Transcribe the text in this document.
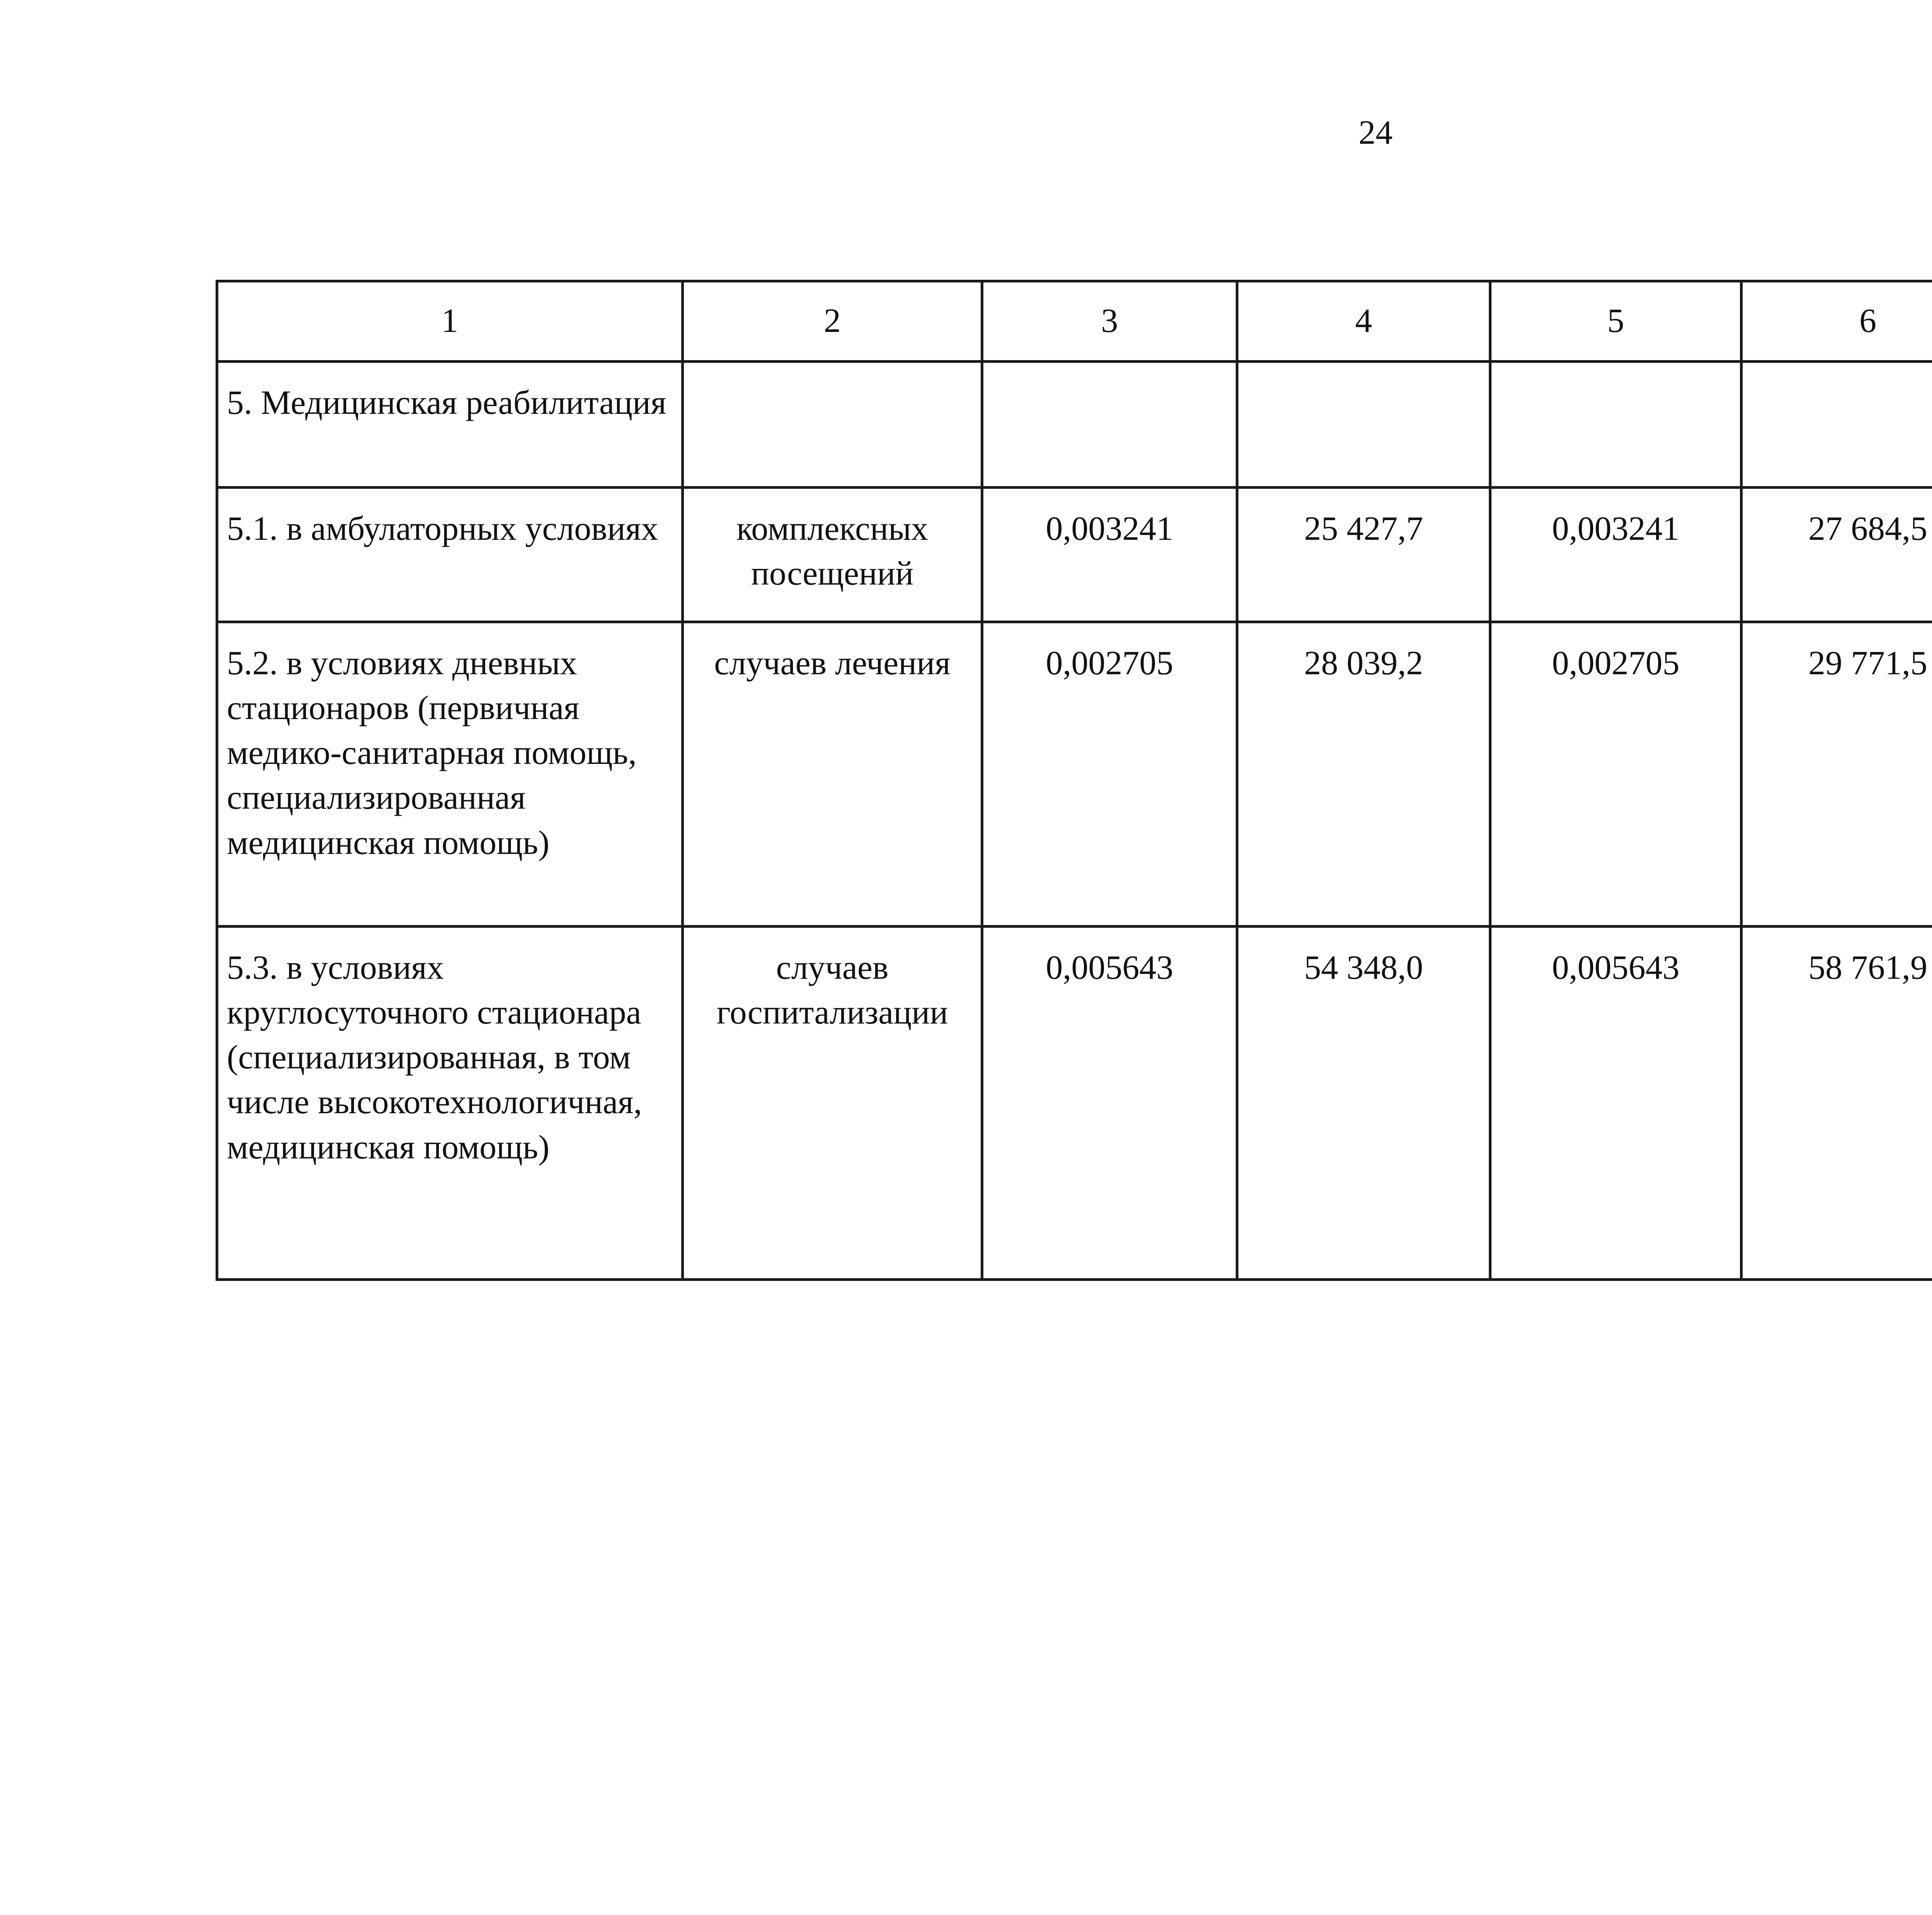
24
1	2	3	4	5	6		
5. Медицинская реабилитация							
5.1. в амбулаторных условиях	комплексных посещений	0,003241	25 427,7	0,003241	27 684,5		
5.2. в условиях дневных стационаров (первичная медико-санитарная помощь, специализированная медицинская помощь)	случаев лечения	0,002705	28 039,2	0,002705	29 771,5		
5.3. в условиях круглосуточного стационара (специализированная, в том числе высокотехнологичная, медицинская помощь)	случаев госпитализации	0,005643	54 348,0	0,005643	58 761,9		
